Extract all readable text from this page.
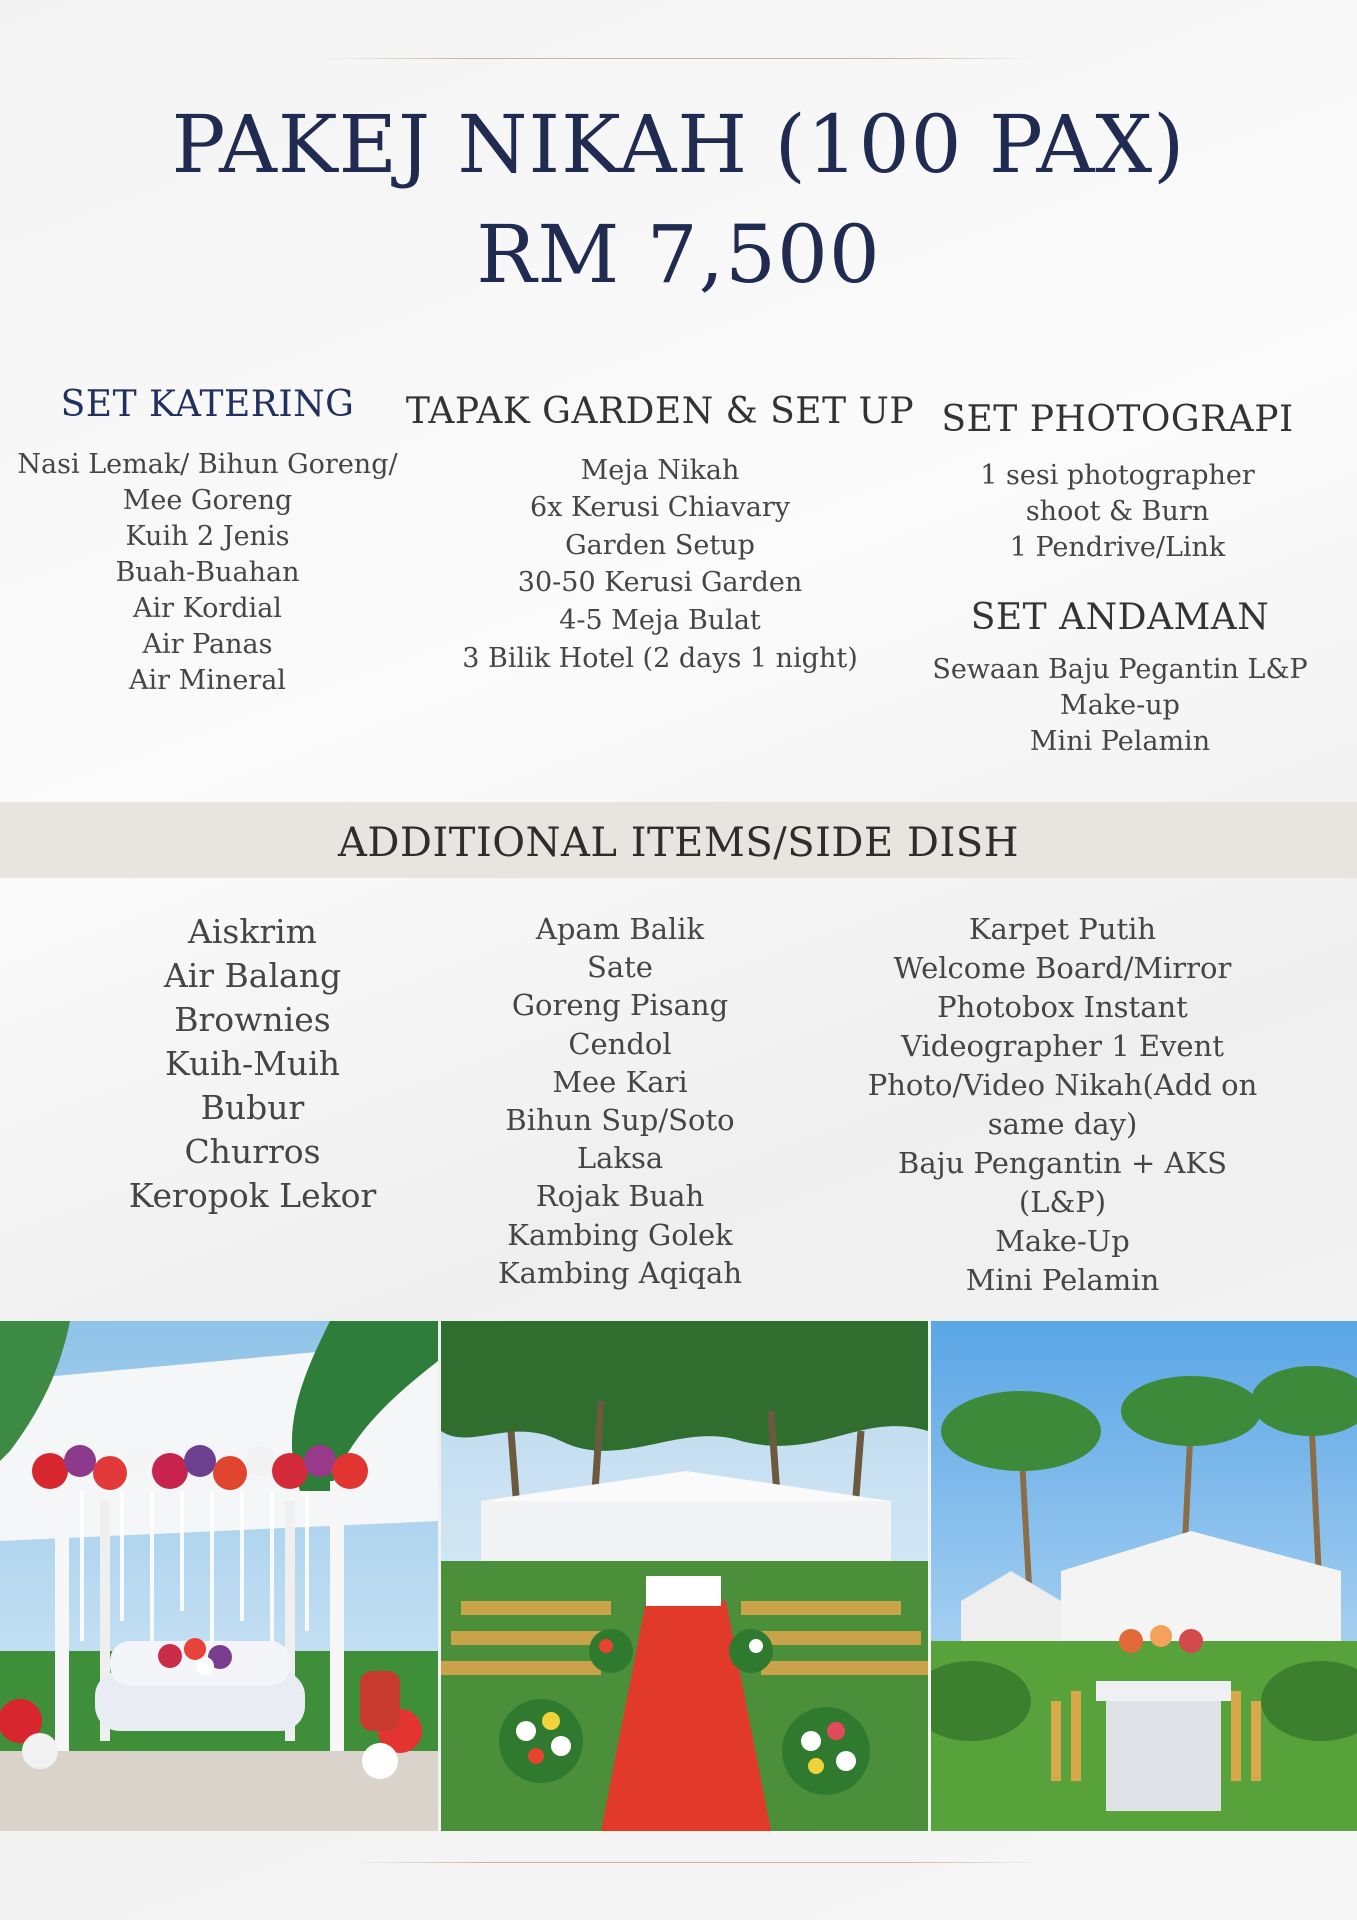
PAKEJ NIKAH (100 PAX)
RM 7,500
SET KATERING
Nasi Lemak/ Bihun Goreng/
Mee Goreng
Kuih 2 Jenis
Buah-Buahan
Air Kordial
Air Panas
Air Mineral
TAPAK GARDEN & SET UP
Meja Nikah
6x Kerusi Chiavary
Garden Setup
30-50 Kerusi Garden
4-5 Meja Bulat
3 Bilik Hotel (2 days 1 night)
SET PHOTOGRAPI
1 sesi photographer
shoot & Burn
1 Pendrive/Link
SET ANDAMAN
Sewaan Baju Pegantin L&P
Make-up
Mini Pelamin
ADDITIONAL ITEMS/SIDE DISH
Aiskrim
Air Balang
Brownies
Kuih-Muih
Bubur
Churros
Keropok Lekor
Apam Balik
Sate
Goreng Pisang
Cendol
Mee Kari
Bihun Sup/Soto
Laksa
Rojak Buah
Kambing Golek
Kambing Aqiqah
Karpet Putih
Welcome Board/Mirror
Photobox Instant
Videographer 1 Event
Photo/Video Nikah(Add on same day)
Baju Pengantin + AKS (L&P)
Make-Up
Mini Pelamin
